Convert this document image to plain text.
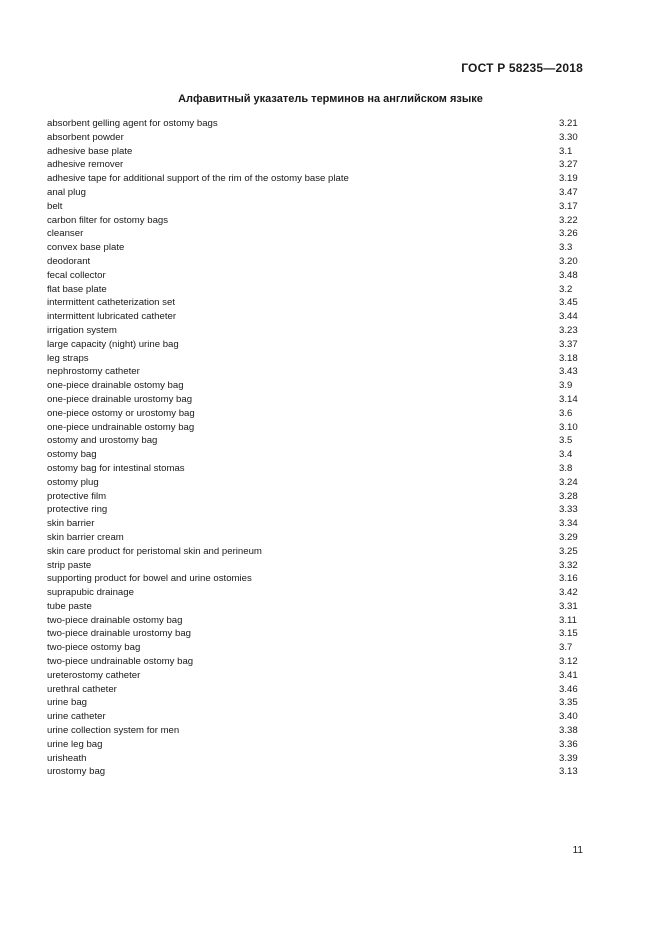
ГОСТ Р 58235—2018
Алфавитный указатель терминов на английском языке
absorbent gelling agent for ostomy bags	3.21
absorbent powder	3.30
adhesive base plate	3.1
adhesive remover	3.27
adhesive tape for additional support of the rim of the ostomy base plate	3.19
anal plug	3.47
belt	3.17
carbon filter for ostomy bags	3.22
cleanser	3.26
convex base plate	3.3
deodorant	3.20
fecal collector	3.48
flat base plate	3.2
intermittent catheterization set	3.45
intermittent lubricated catheter	3.44
irrigation system	3.23
large capacity (night) urine bag	3.37
leg straps	3.18
nephrostomy catheter	3.43
one-piece drainable ostomy bag	3.9
one-piece drainable urostomy bag	3.14
one-piece ostomy or urostomy bag	3.6
one-piece undrainable ostomy bag	3.10
ostomy and urostomy bag	3.5
ostomy bag	3.4
ostomy bag for intestinal stomas	3.8
ostomy plug	3.24
protective film	3.28
protective ring	3.33
skin barrier	3.34
skin barrier cream	3.29
skin care product for peristomal skin and perineum	3.25
strip paste	3.32
supporting product for bowel and urine ostomies	3.16
suprapubic drainage	3.42
tube paste	3.31
two-piece drainable ostomy bag	3.11
two-piece drainable urostomy bag	3.15
two-piece ostomy bag	3.7
two-piece undrainable ostomy bag	3.12
ureterostomy catheter	3.41
urethral catheter	3.46
urine bag	3.35
urine catheter	3.40
urine collection system for men	3.38
urine leg bag	3.36
urisheath	3.39
urostomy bag	3.13
11
